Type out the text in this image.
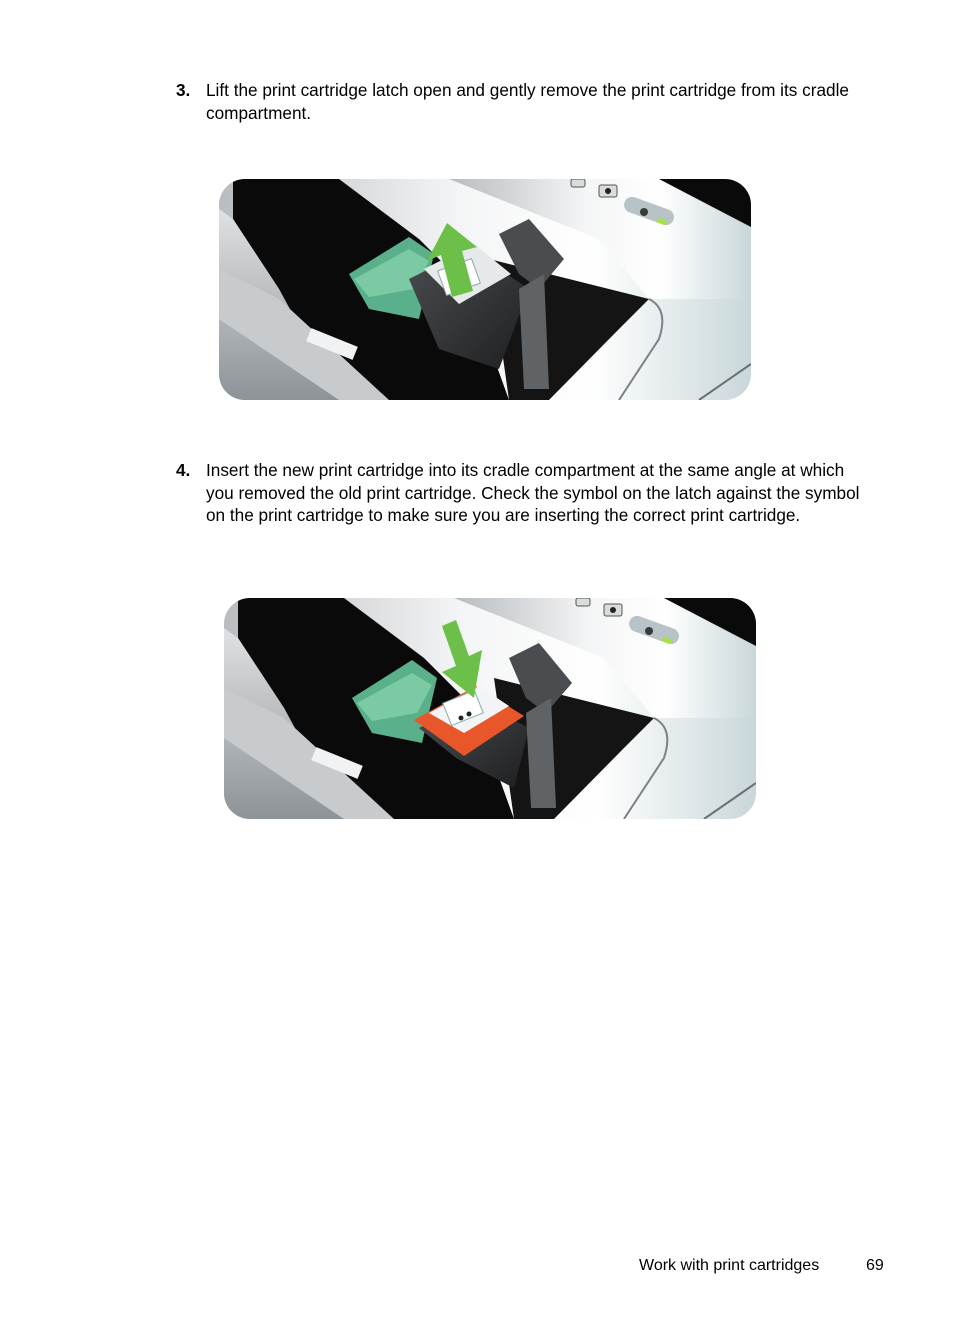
3. Lift the print cartridge latch open and gently remove the print cartridge from its cradle compartment.
4. Insert the new print cartridge into its cradle compartment at the same angle at which you removed the old print cartridge. Check the symbol on the latch against the symbol on the print cartridge to make sure you are inserting the correct print cartridge.
Work with print cartridges	69
